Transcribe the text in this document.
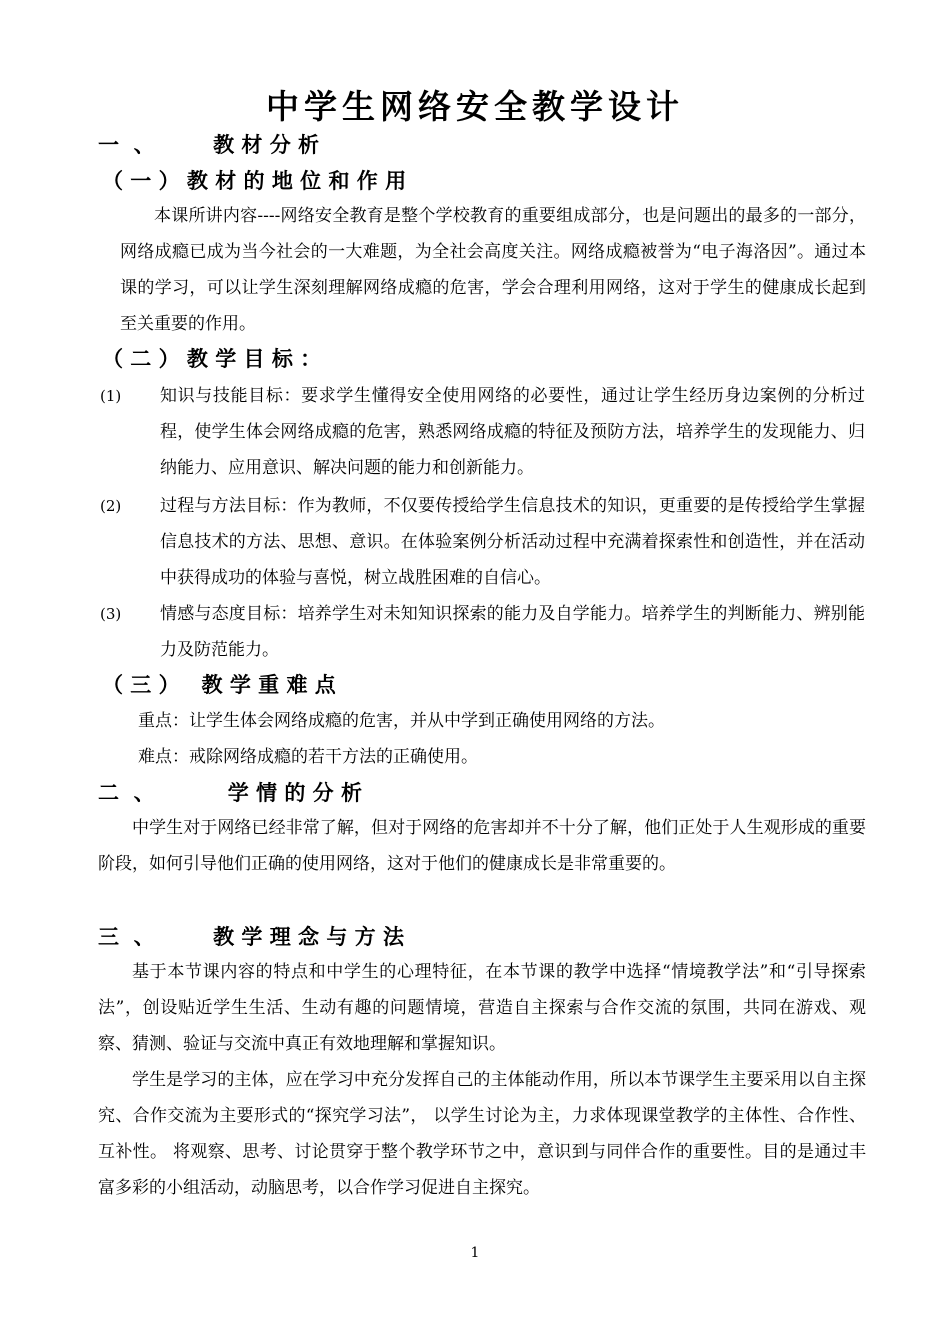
中学生网络安全教学设计
一  、        教 材 分 析
（ 一 ） 教 材 的 地 位 和 作 用
本课所讲内容----网络安全教育是整个学校教育的重要组成部分，也是问题出的最多的一部分，网络成瘾已成为当今社会的一大难题，为全社会高度关注。网络成瘾被誉为“电子海洛因”。通过本课的学习，可以让学生深刻理解网络成瘾的危害，学会合理利用网络，这对于学生的健康成长起到至关重要的作用。
（ 二 ） 教 学 目 标 ：
(1) 知识与技能目标：要求学生懂得安全使用网络的必要性，通过让学生经历身边案例的分析过程，使学生体会网络成瘾的危害，熟悉网络成瘾的特征及预防方法，培养学生的发现能力、归纳能力、应用意识、解决问题的能力和创新能力。
(2) 过程与方法目标：作为教师，不仅要传授给学生信息技术的知识，更重要的是传授给学生掌握信息技术的方法、思想、意识。在体验案例分析活动过程中充满着探索性和创造性，并在活动中获得成功的体验与喜悦，树立战胜困难的自信心。
(3) 情感与态度目标：培养学生对未知知识探索的能力及自学能力。培养学生的判断能力、辨别能力及防范能力。
（ 三 ）   教 学 重 难 点
重点：让学生体会网络成瘾的危害，并从中学到正确使用网络的方法。
难点：戒除网络成瘾的若干方法的正确使用。
二  、          学 情 的 分 析
中学生对于网络已经非常了解，但对于网络的危害却并不十分了解，他们正处于人生观形成的重要阶段，如何引导他们正确的使用网络，这对于他们的健康成长是非常重要的。
三  、        教 学 理 念 与 方 法
基于本节课内容的特点和中学生的心理特征，在本节课的教学中选择“情境教学法”和“引导探索法”，创设贴近学生生活、生动有趣的问题情境，营造自主探索与合作交流的氛围，共同在游戏、观察、猜测、验证与交流中真正有效地理解和掌握知识。
学生是学习的主体，应在学习中充分发挥自己的主体能动作用，所以本节课学生主要采用以自主探究、合作交流为主要形式的“探究学习法”， 以学生讨论为主，力求体现课堂教学的主体性、合作性、互补性。 将观察、思考、讨论贯穿于整个教学环节之中，意识到与同伴合作的重要性。目的是通过丰富多彩的小组活动，动脑思考，以合作学习促进自主探究。
1
